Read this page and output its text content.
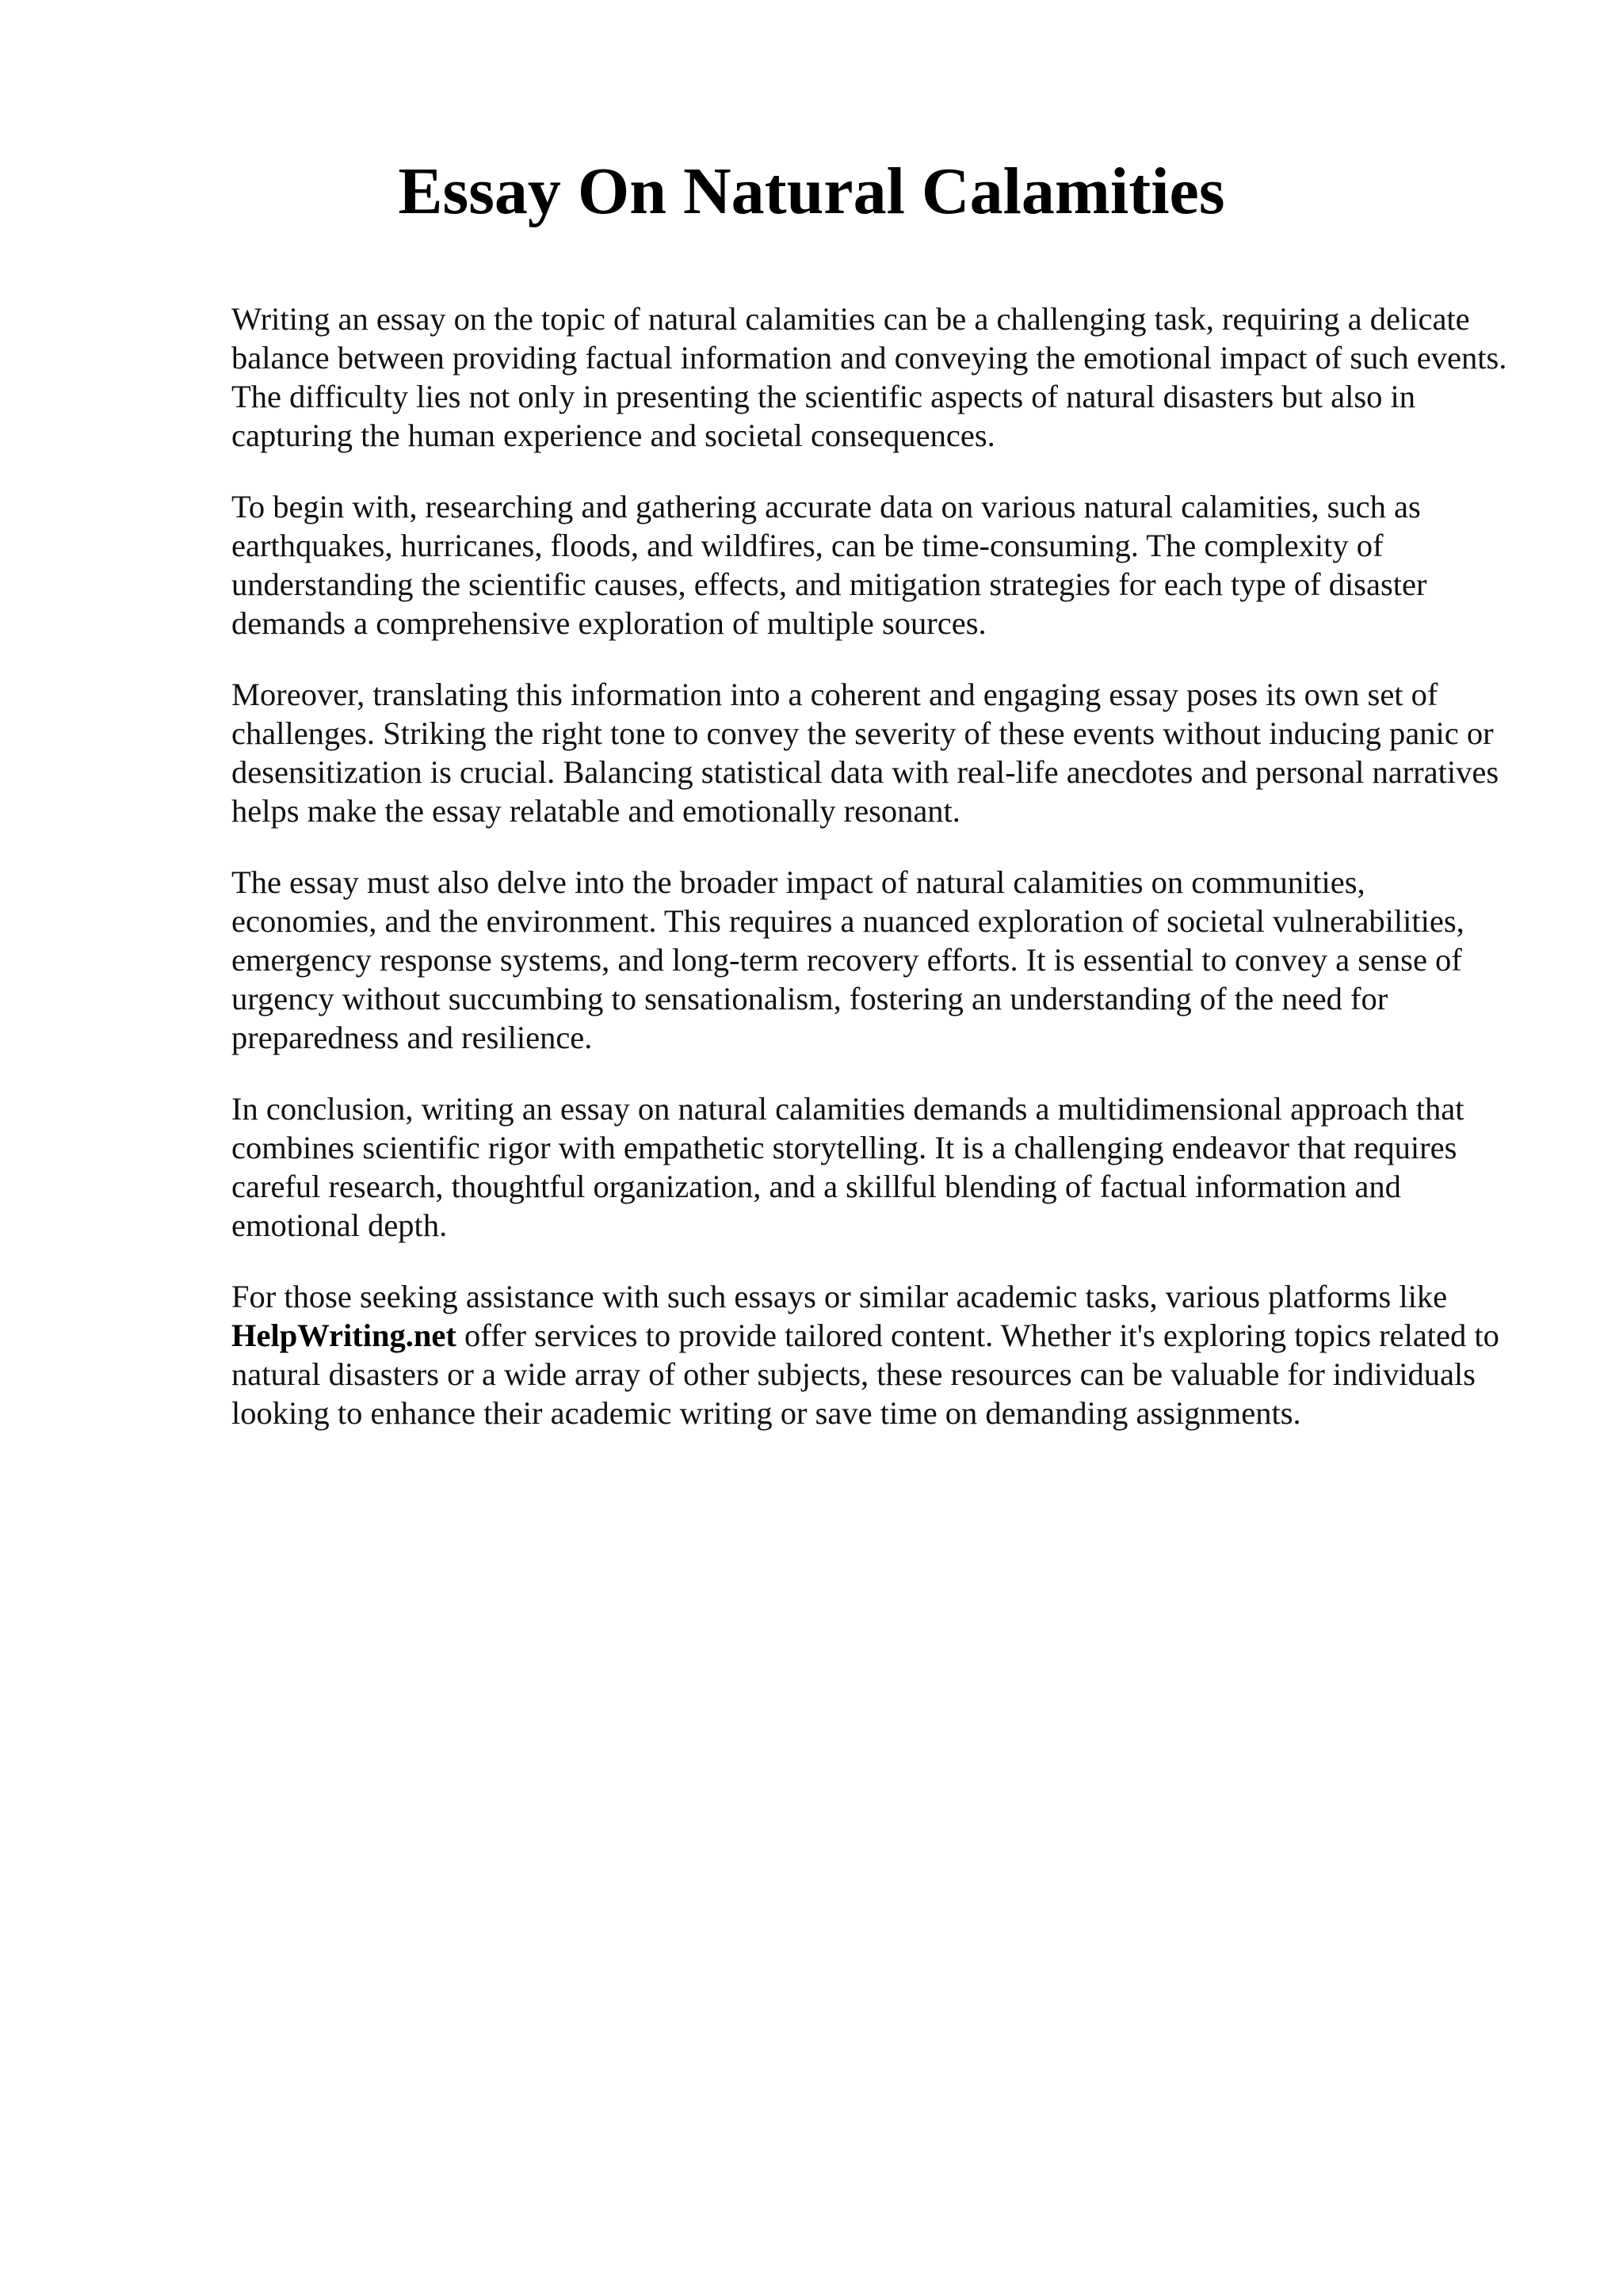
Essay On Natural Calamities

Writing an essay on the topic of natural calamities can be a challenging task, requiring a delicate balance between providing factual information and conveying the emotional impact of such events. The difficulty lies not only in presenting the scientific aspects of natural disasters but also in capturing the human experience and societal consequences.

To begin with, researching and gathering accurate data on various natural calamities, such as earthquakes, hurricanes, floods, and wildfires, can be time-consuming. The complexity of understanding the scientific causes, effects, and mitigation strategies for each type of disaster demands a comprehensive exploration of multiple sources.

Moreover, translating this information into a coherent and engaging essay poses its own set of challenges. Striking the right tone to convey the severity of these events without inducing panic or desensitization is crucial. Balancing statistical data with real-life anecdotes and personal narratives helps make the essay relatable and emotionally resonant.

The essay must also delve into the broader impact of natural calamities on communities, economies, and the environment. This requires a nuanced exploration of societal vulnerabilities, emergency response systems, and long-term recovery efforts. It is essential to convey a sense of urgency without succumbing to sensationalism, fostering an understanding of the need for preparedness and resilience.

In conclusion, writing an essay on natural calamities demands a multidimensional approach that combines scientific rigor with empathetic storytelling. It is a challenging endeavor that requires careful research, thoughtful organization, and a skillful blending of factual information and emotional depth.

For those seeking assistance with such essays or similar academic tasks, various platforms like HelpWriting.net offer services to provide tailored content. Whether it's exploring topics related to natural disasters or a wide array of other subjects, these resources can be valuable for individuals looking to enhance their academic writing or save time on demanding assignments.
